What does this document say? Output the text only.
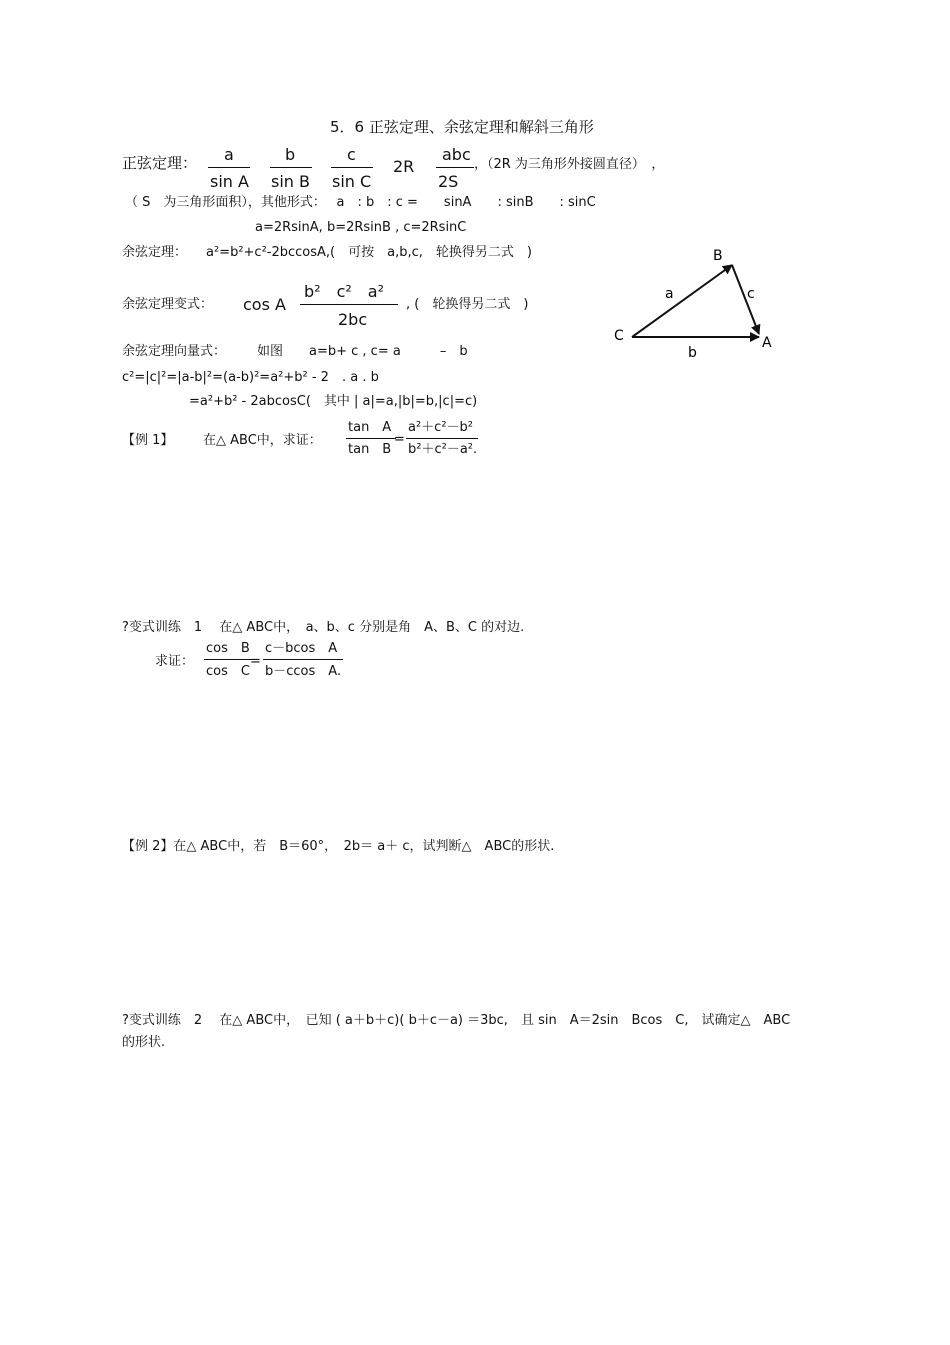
5．6 正弦定理、余弦定理和解斜三角形
正弦定理： a
sin A
b
sin B
c
sin C
2R
abc
2S
，（2R 为三角形外接圆直径）　，
（ S　为三角形面积），其他形式：　 a　: b　: c =　　sinA　　: sinB　　: sinC
a=2RsinA, b=2RsinB , c=2RsinC
余弦定理： a²=b²+c²-2bccosA,(　可按　a,b,c,　轮换得另二式　)
余弦定理变式： cos A
b²　c²　a²
2bc
, (　轮换得另二式　)
余弦定理向量式： 如图　　a=b+ c , c= a　　　–　b
c²=|c|²=|a-b|²=(a-b)²=a²+b² - 2　. a . b
=a²+b² - 2abcosC(　其中 | a|=a,|b|=b,|c|=c)
B
A
C
a
b
c
【例 1】 在△ ABC中，求证：
tan　A
tan　B
=
a²＋c²－b²
b²＋c²－a².
?变式训练　1　 在△ ABC中，　a、b、c 分别是角　A、B、C 的对边.
求证：
cos　B
cos　C
=
c－bcos　A
b－ccos　A.
【例 2】在△ ABC中，若　B＝60°，　2b＝ a＋ c，试判断△　ABC的形状.
?变式训练　2　 在△ ABC中，　已知 ( a＋b＋c)( b＋c－a) ＝3bc,　且 sin　A＝2sin　Bcos　C,　试确定△　ABC
的形状.
